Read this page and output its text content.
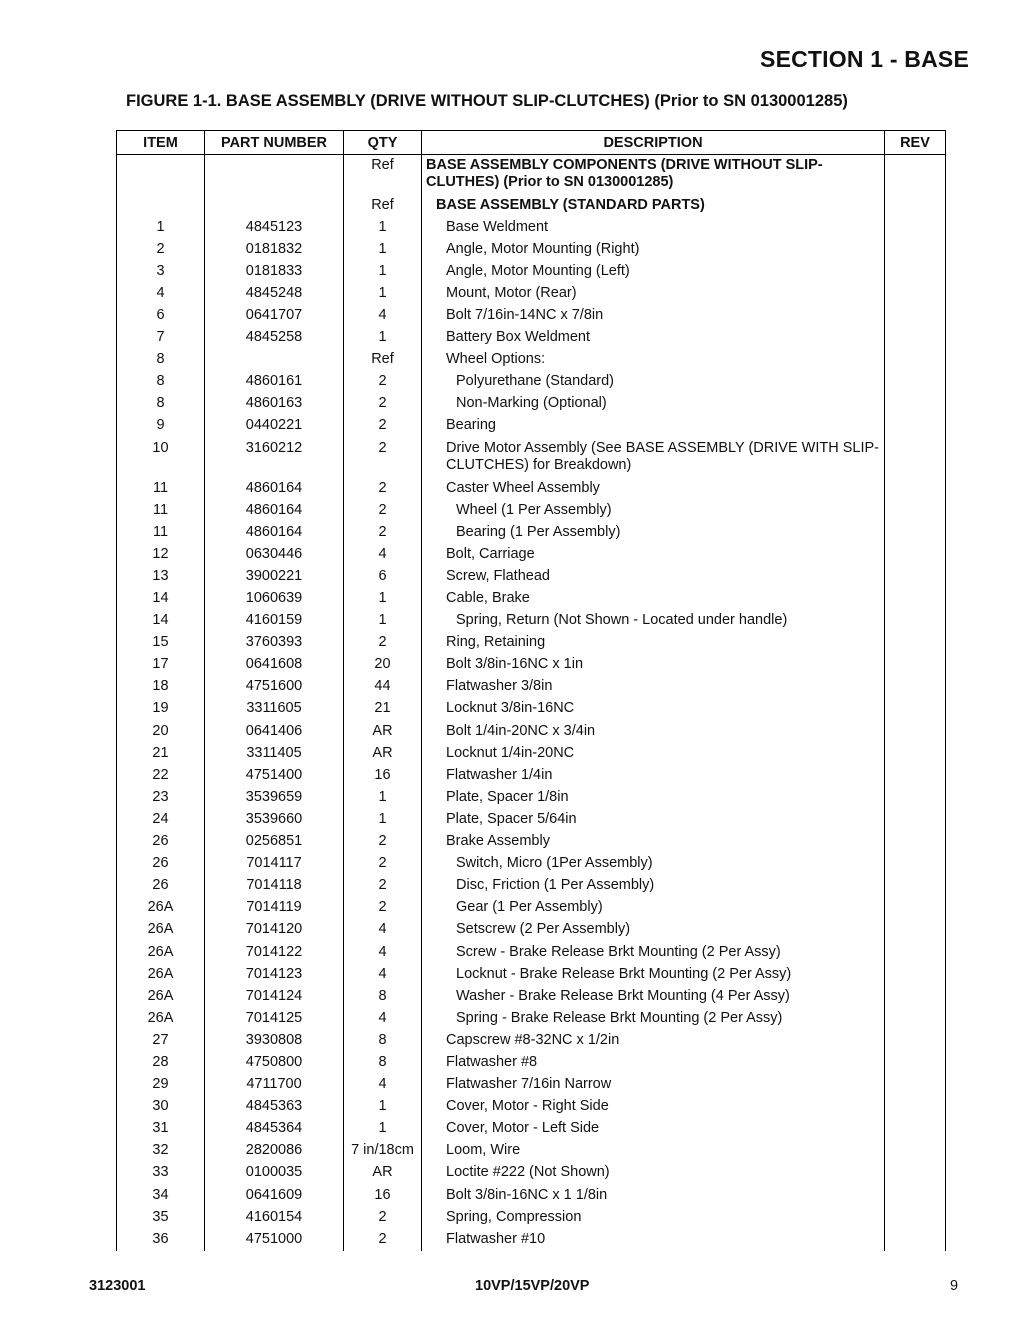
SECTION 1 - BASE
FIGURE 1-1. BASE ASSEMBLY (DRIVE WITHOUT SLIP-CLUTCHES) (Prior to SN 0130001285)
ITEM	PART NUMBER	QTY	DESCRIPTION	REV
		Ref	BASE ASSEMBLY COMPONENTS (DRIVE WITHOUT SLIP-CLUTHES) (Prior to SN 0130001285)	

		Ref	BASE ASSEMBLY (STANDARD PARTS)	

1	4845123	1	Base Weldment	

2	0181832	1	Angle, Motor Mounting (Right)	

3	0181833	1	Angle, Motor Mounting (Left)	

4	4845248	1	Mount, Motor (Rear)	

6	0641707	4	Bolt 7/16in-14NC x 7/8in	

7	4845258	1	Battery Box Weldment	

8		Ref	Wheel Options:	

8	4860161	2	Polyurethane (Standard)	

8	4860163	2	Non-Marking (Optional)	

9	0440221	2	Bearing	

10	3160212	2	Drive Motor Assembly (See BASE ASSEMBLY (DRIVE WITH SLIP-CLUTCHES) for Breakdown)	

11	4860164	2	Caster Wheel Assembly	

11	4860164	2	Wheel (1 Per Assembly)	

11	4860164	2	Bearing (1 Per Assembly)	

12	0630446	4	Bolt, Carriage	

13	3900221	6	Screw, Flathead	

14	1060639	1	Cable, Brake	

14	4160159	1	Spring, Return (Not Shown - Located under handle)	

15	3760393	2	Ring, Retaining	

17	0641608	20	Bolt 3/8in-16NC x 1in	

18	4751600	44	Flatwasher 3/8in	

19	3311605	21	Locknut 3/8in-16NC	

20	0641406	AR	Bolt 1/4in-20NC x 3/4in	

21	3311405	AR	Locknut 1/4in-20NC	

22	4751400	16	Flatwasher 1/4in	

23	3539659	1	Plate, Spacer 1/8in	

24	3539660	1	Plate, Spacer 5/64in	

26	0256851	2	Brake Assembly	

26	7014117	2	Switch, Micro (1Per Assembly)	

26	7014118	2	Disc, Friction (1 Per Assembly)	

26A	7014119	2	Gear (1 Per Assembly)	

26A	7014120	4	Setscrew (2 Per Assembly)	

26A	7014122	4	Screw - Brake Release Brkt Mounting (2 Per Assy)	

26A	7014123	4	Locknut - Brake Release Brkt Mounting (2 Per Assy)	

26A	7014124	8	Washer - Brake Release Brkt Mounting (4 Per Assy)	

26A	7014125	4	Spring - Brake Release Brkt Mounting (2 Per Assy)	

27	3930808	8	Capscrew #8-32NC x 1/2in	

28	4750800	8	Flatwasher #8	

29	4711700	4	Flatwasher 7/16in Narrow	

30	4845363	1	Cover, Motor - Right Side	

31	4845364	1	Cover, Motor - Left Side	

32	2820086	7 in/18cm	Loom, Wire	

33	0100035	AR	Loctite #222 (Not Shown)	

34	0641609	16	Bolt 3/8in-16NC x 1 1/8in	

35	4160154	2	Spring, Compression	

36	4751000	2	Flatwasher #10	

3123001	10VP/15VP/20VP	9
